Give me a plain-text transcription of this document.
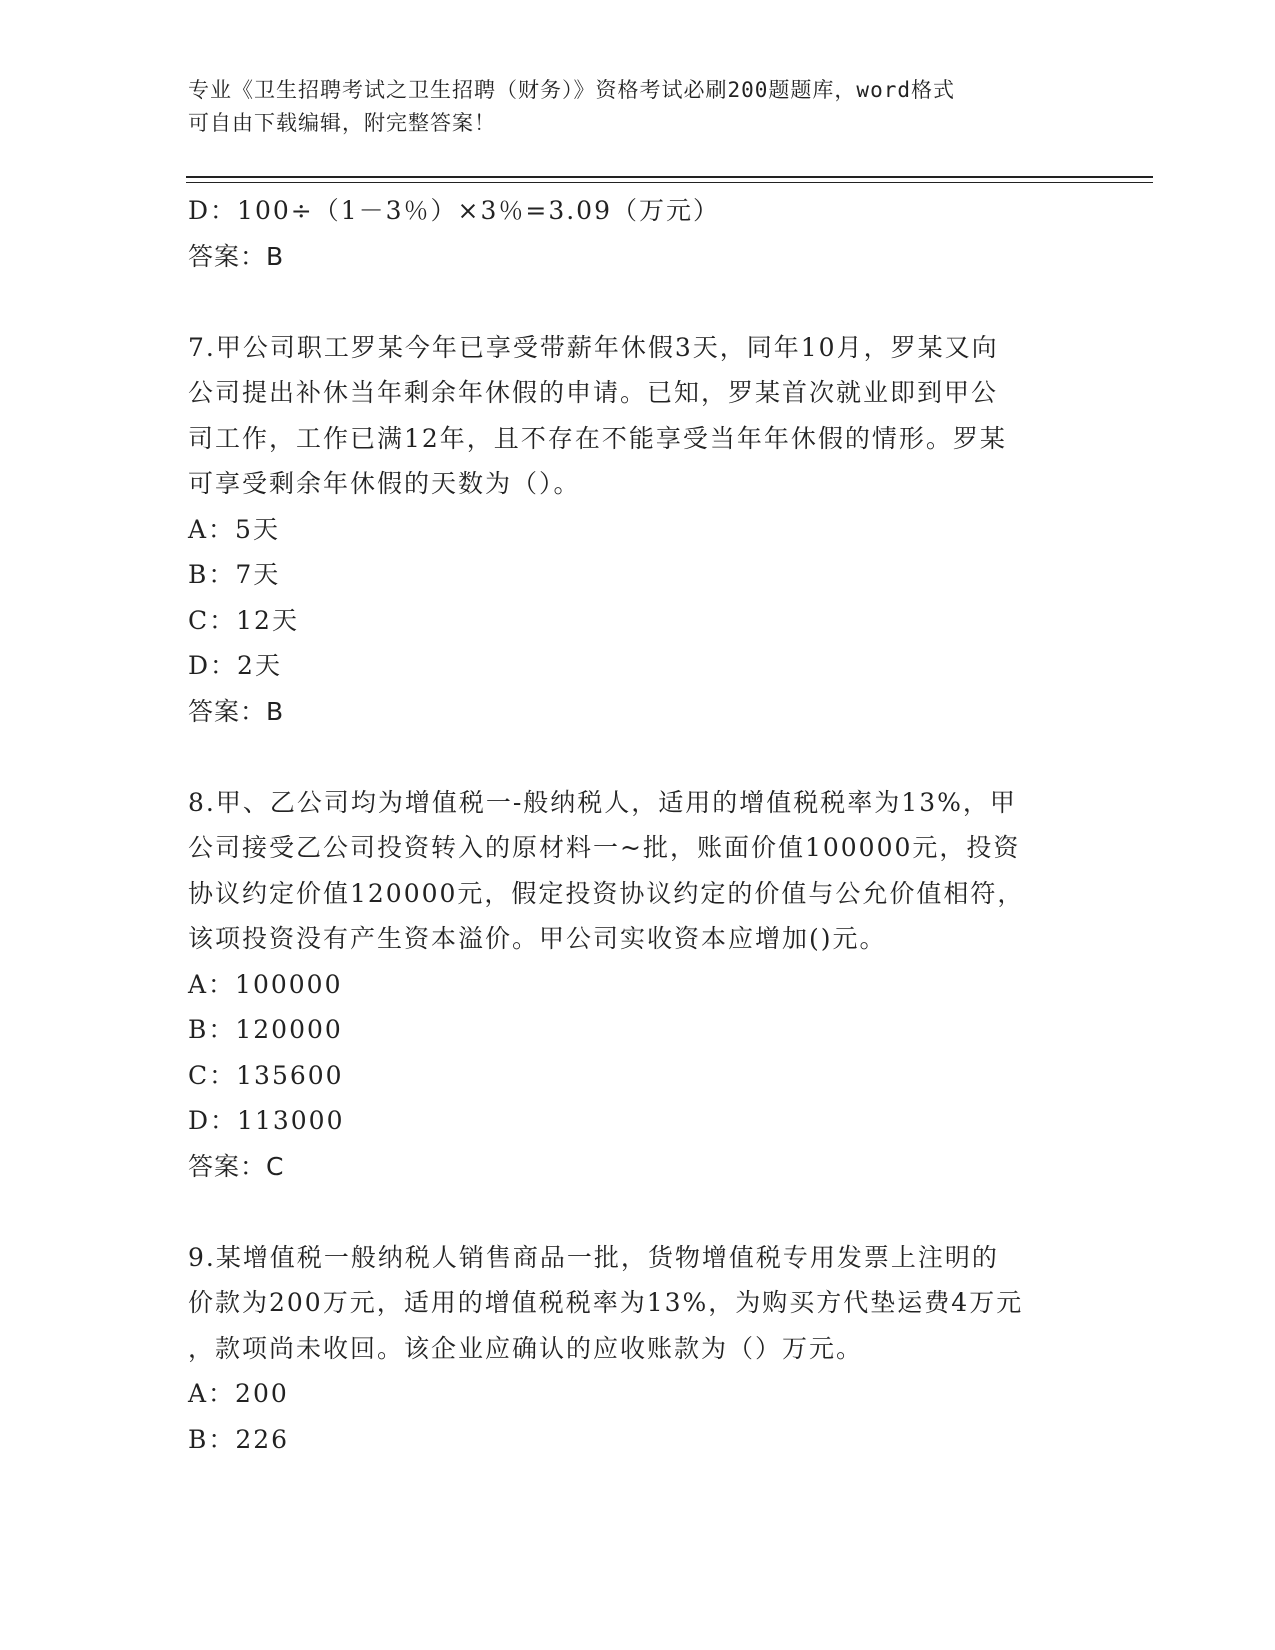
专业《卫生招聘考试之卫生招聘（财务）》资格考试必刷200题题库，word格式
可自由下载编辑，附完整答案！
D：100÷（1－3％）×3％=3.09（万元）
答案：B
7.甲公司职工罗某今年已享受带薪年休假3天，同年10月，罗某又向
公司提出补休当年剩余年休假的申请。已知，罗某首次就业即到甲公
司工作，工作已满12年，且不存在不能享受当年年休假的情形。罗某
可享受剩余年休假的天数为（）。
A：5天
B：7天
C：12天
D：2天
答案：B
8.甲、乙公司均为增值税一-般纳税人，适用的增值税税率为13%，甲
公司接受乙公司投资转入的原材料一~批，账面价值100000元，投资
协议约定价值120000元，假定投资协议约定的价值与公允价值相符，
该项投资没有产生资本溢价。甲公司实收资本应增加()元。
A：100000
B：120000
C：135600
D：113000
答案：C
9.某增值税一般纳税人销售商品一批，货物增值税专用发票上注明的
价款为200万元，适用的增值税税率为13%，为购买方代垫运费4万元
，款项尚未收回。该企业应确认的应收账款为（）万元。
A：200
B：226
